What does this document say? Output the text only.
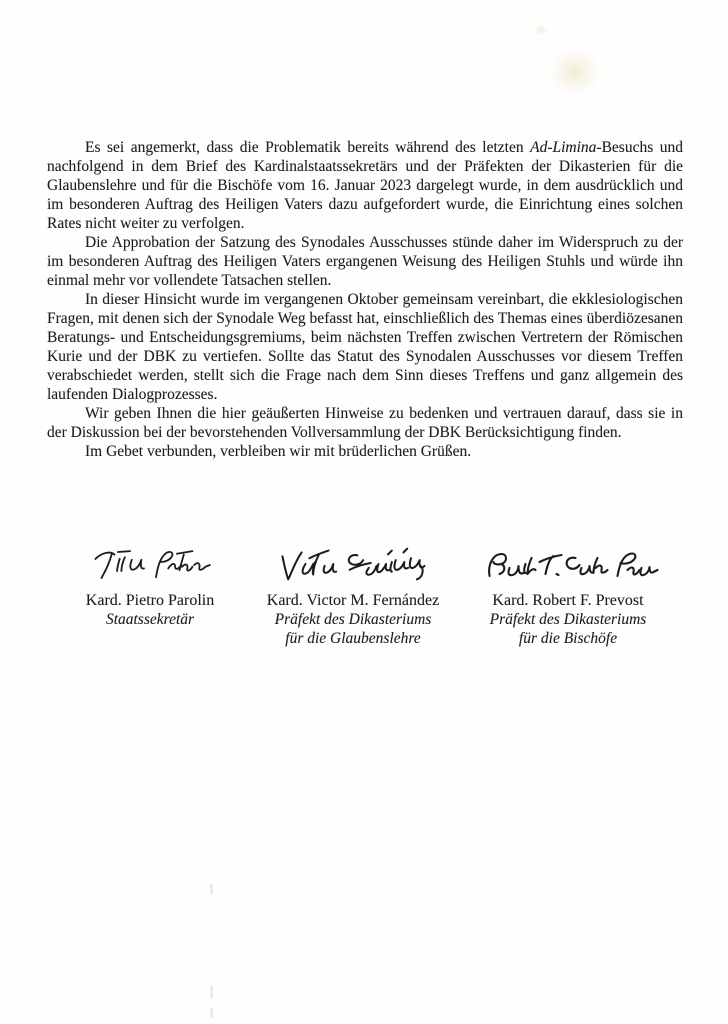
Es sei angemerkt, dass die Problematik bereits während des letzten Ad-Limina-Besuchs und nachfolgend in dem Brief des Kardinalstaatssekretärs und der Präfekten der Dikasterien für die Glaubenslehre und für die Bischöfe vom 16. Januar 2023 dargelegt wurde, in dem ausdrücklich und im besonderen Auftrag des Heiligen Vaters dazu aufgefordert wurde, die Einrichtung eines solchen Rates nicht weiter zu verfolgen.

Die Approbation der Satzung des Synodales Ausschusses stünde daher im Widerspruch zu der im besonderen Auftrag des Heiligen Vaters ergangenen Weisung des Heiligen Stuhls und würde ihn einmal mehr vor vollendete Tatsachen stellen.

In dieser Hinsicht wurde im vergangenen Oktober gemeinsam vereinbart, die ekklesiologischen Fragen, mit denen sich der Synodale Weg befasst hat, einschließlich des Themas eines überdiözesanen Beratungs- und Entscheidungsgremiums, beim nächsten Treffen zwischen Vertretern der Römischen Kurie und der DBK zu vertiefen. Sollte das Statut des Synodalen Ausschusses vor diesem Treffen verabschiedet werden, stellt sich die Frage nach dem Sinn dieses Treffens und ganz allgemein des laufenden Dialogprozesses.

Wir geben Ihnen die hier geäußerten Hinweise zu bedenken und vertrauen darauf, dass sie in der Diskussion bei der bevorstehenden Vollversammlung der DBK Berücksichtigung finden.

Im Gebet verbunden, verbleiben wir mit brüderlichen Grüßen.

Kard. Pietro Parolin
Staatssekretär
Kard. Victor M. Fernández
Präfekt des Dikasteriums
für die Glaubenslehre
Kard. Robert F. Prevost
Präfekt des Dikasteriums
für die Bischöfe
